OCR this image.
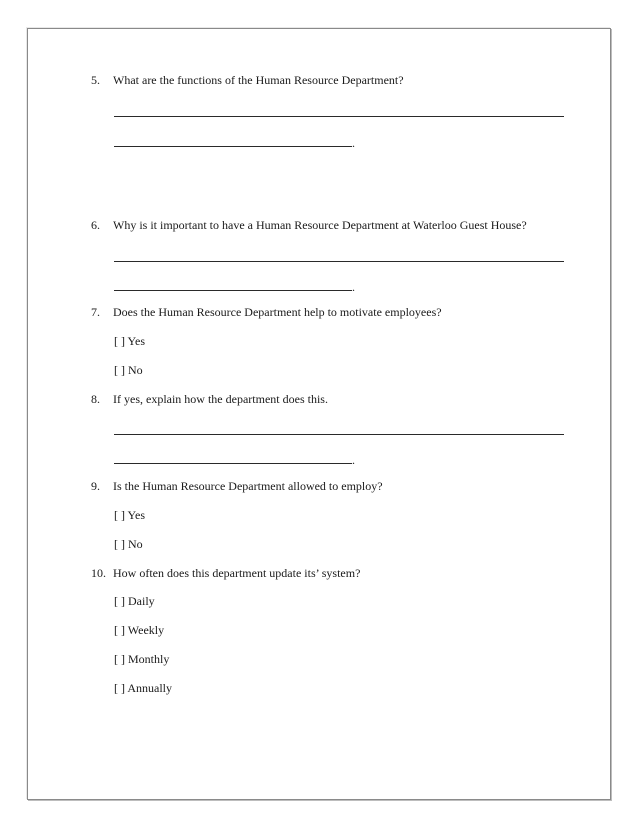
5. What are the functions of the Human Resource Department?
.
6. Why is it important to have a Human Resource Department at Waterloo Guest House?
.
7. Does the Human Resource Department help to motivate employees?
[ ] Yes
[ ] No
8. If yes, explain how the department does this.
.
9. Is the Human Resource Department allowed to employ?
[ ] Yes
[ ] No
10. How often does this department update its’ system?
[ ] Daily
[ ] Weekly
[ ] Monthly
[ ] Annually
